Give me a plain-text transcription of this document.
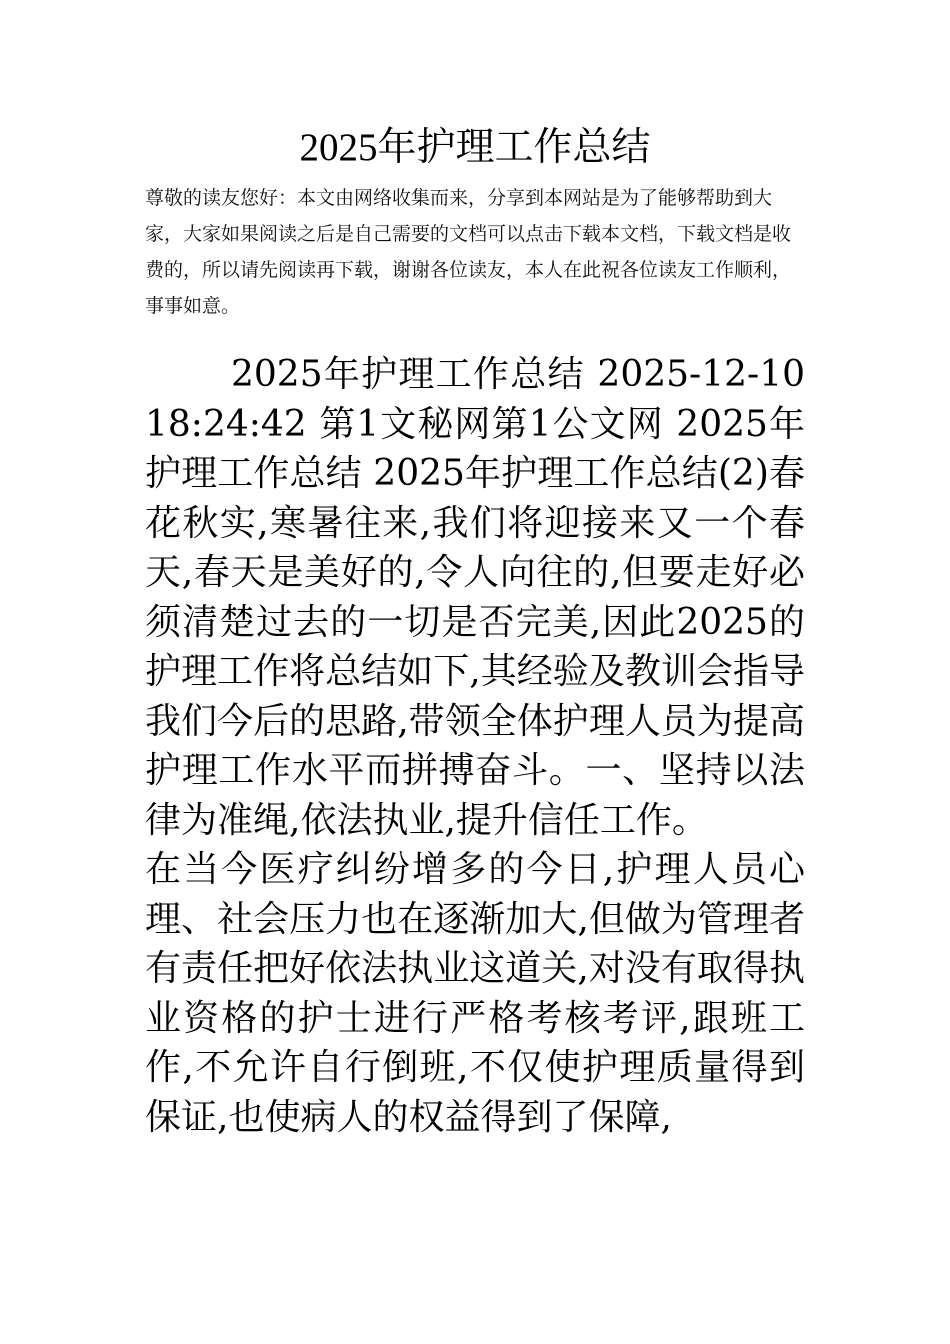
2025年护理工作总结

尊敬的读友您好：本文由网络收集而来，分享到本网站是为了能够帮助到大家，大家如果阅读之后是自己需要的文档可以点击下载本文档，下载文档是收费的，所以请先阅读再下载，谢谢各位读友，本人在此祝各位读友工作顺利，事事如意。

2025年护理工作总结 2025-12-10 18:24:42 第1文秘网第1公文网 2025年护理工作总结 2025年护理工作总结(2)春花秋实,寒暑往来,我们将迎接来又一个春天,春天是美好的,令人向往的,但要走好必须清楚过去的一切是否完美,因此2025的护理工作将总结如下,其经验及教训会指导我们今后的思路,带领全体护理人员为提高护理工作水平而拼搏奋斗。一、坚持以法律为准绳,依法执业,提升信任工作。

在当今医疗纠纷增多的今日,护理人员心理、社会压力也在逐渐加大,但做为管理者有责任把好依法执业这道关,对没有取得执业资格的护士进行严格考核考评,跟班工作,不允许自行倒班,不仅使护理质量得到保证,也使病人的权益得到了保障,
